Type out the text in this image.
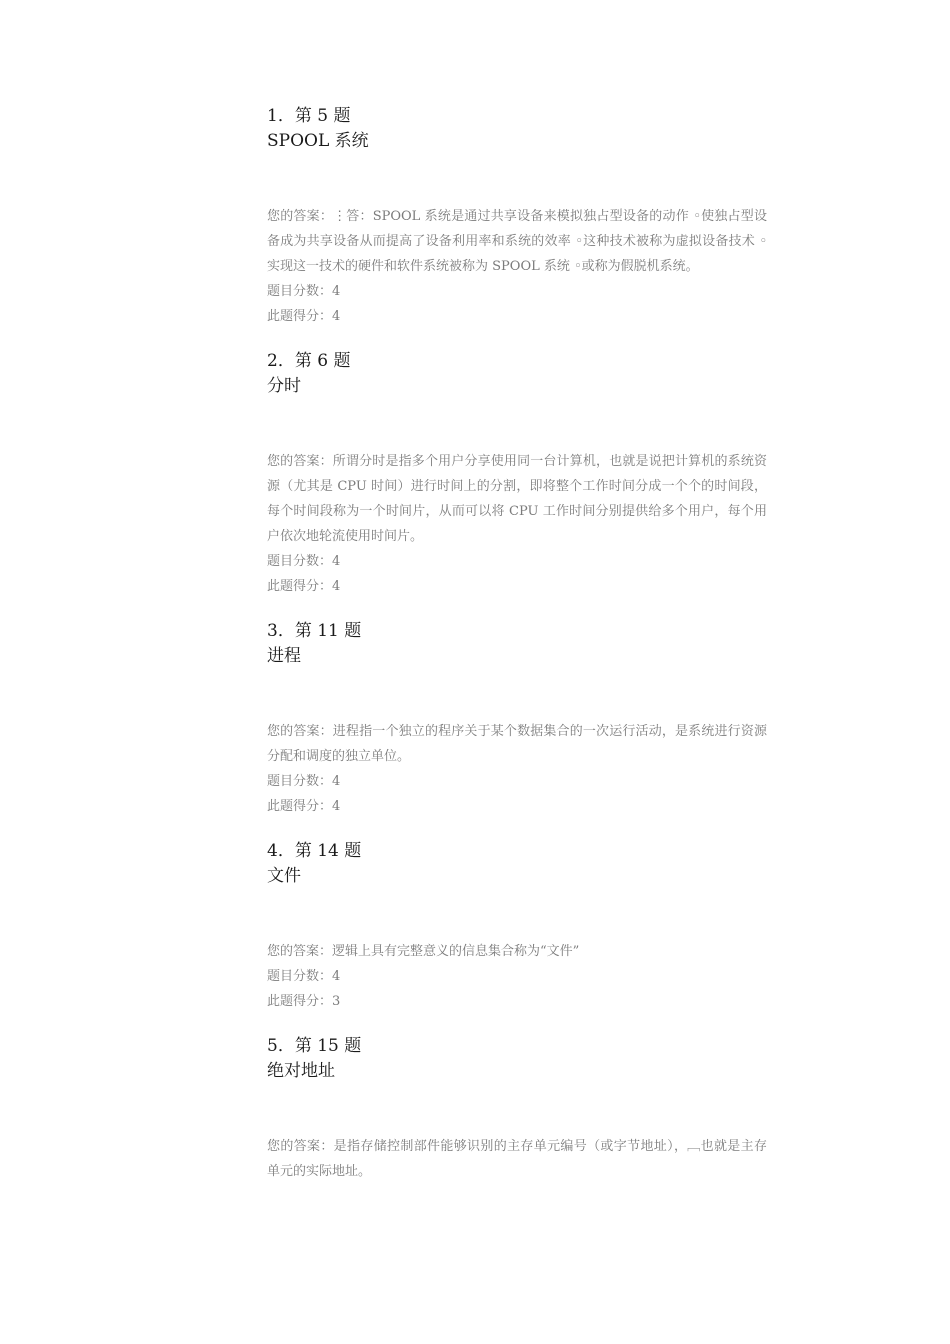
1．第 5 题
SPOOL 系统
您的答案：⋮答：SPOOL 系统是通过共享设备来模拟独占型设备的动作 ◦使独占型设备成为共享设备从而提高了设备利用率和系统的效率 ◦这种技术被称为虚拟设备技术 ◦实现这一技术的硬件和软件系统被称为 SPOOL 系统 ◦或称为假脱机系统。
题目分数：4
此题得分：4
2．第 6 题
分时
您的答案：所谓分时是指多个用户分享使用同一台计算机，也就是说把计算机的系统资源（尤其是 CPU 时间）进行时间上的分割，即将整个工作时间分成一个个的时间段，每个时间段称为一个时间片，从而可以将 CPU 工作时间分别提供给多个用户，每个用户依次地轮流使用时间片。
题目分数：4
此题得分：4
3．第 11 题
进程
您的答案：进程指一个独立的程序关于某个数据集合的一次运行活动，是系统进行资源分配和调度的独立单位。
题目分数：4
此题得分：4
4．第 14 题
文件
您的答案：逻辑上具有完整意义的信息集合称为“文件”
题目分数：4
此题得分：3
5．第 15 题
绝对地址
您的答案：是指存储控制部件能够识别的主存单元编号（或字节地址），﹇也就是主存单元的实际地址。
